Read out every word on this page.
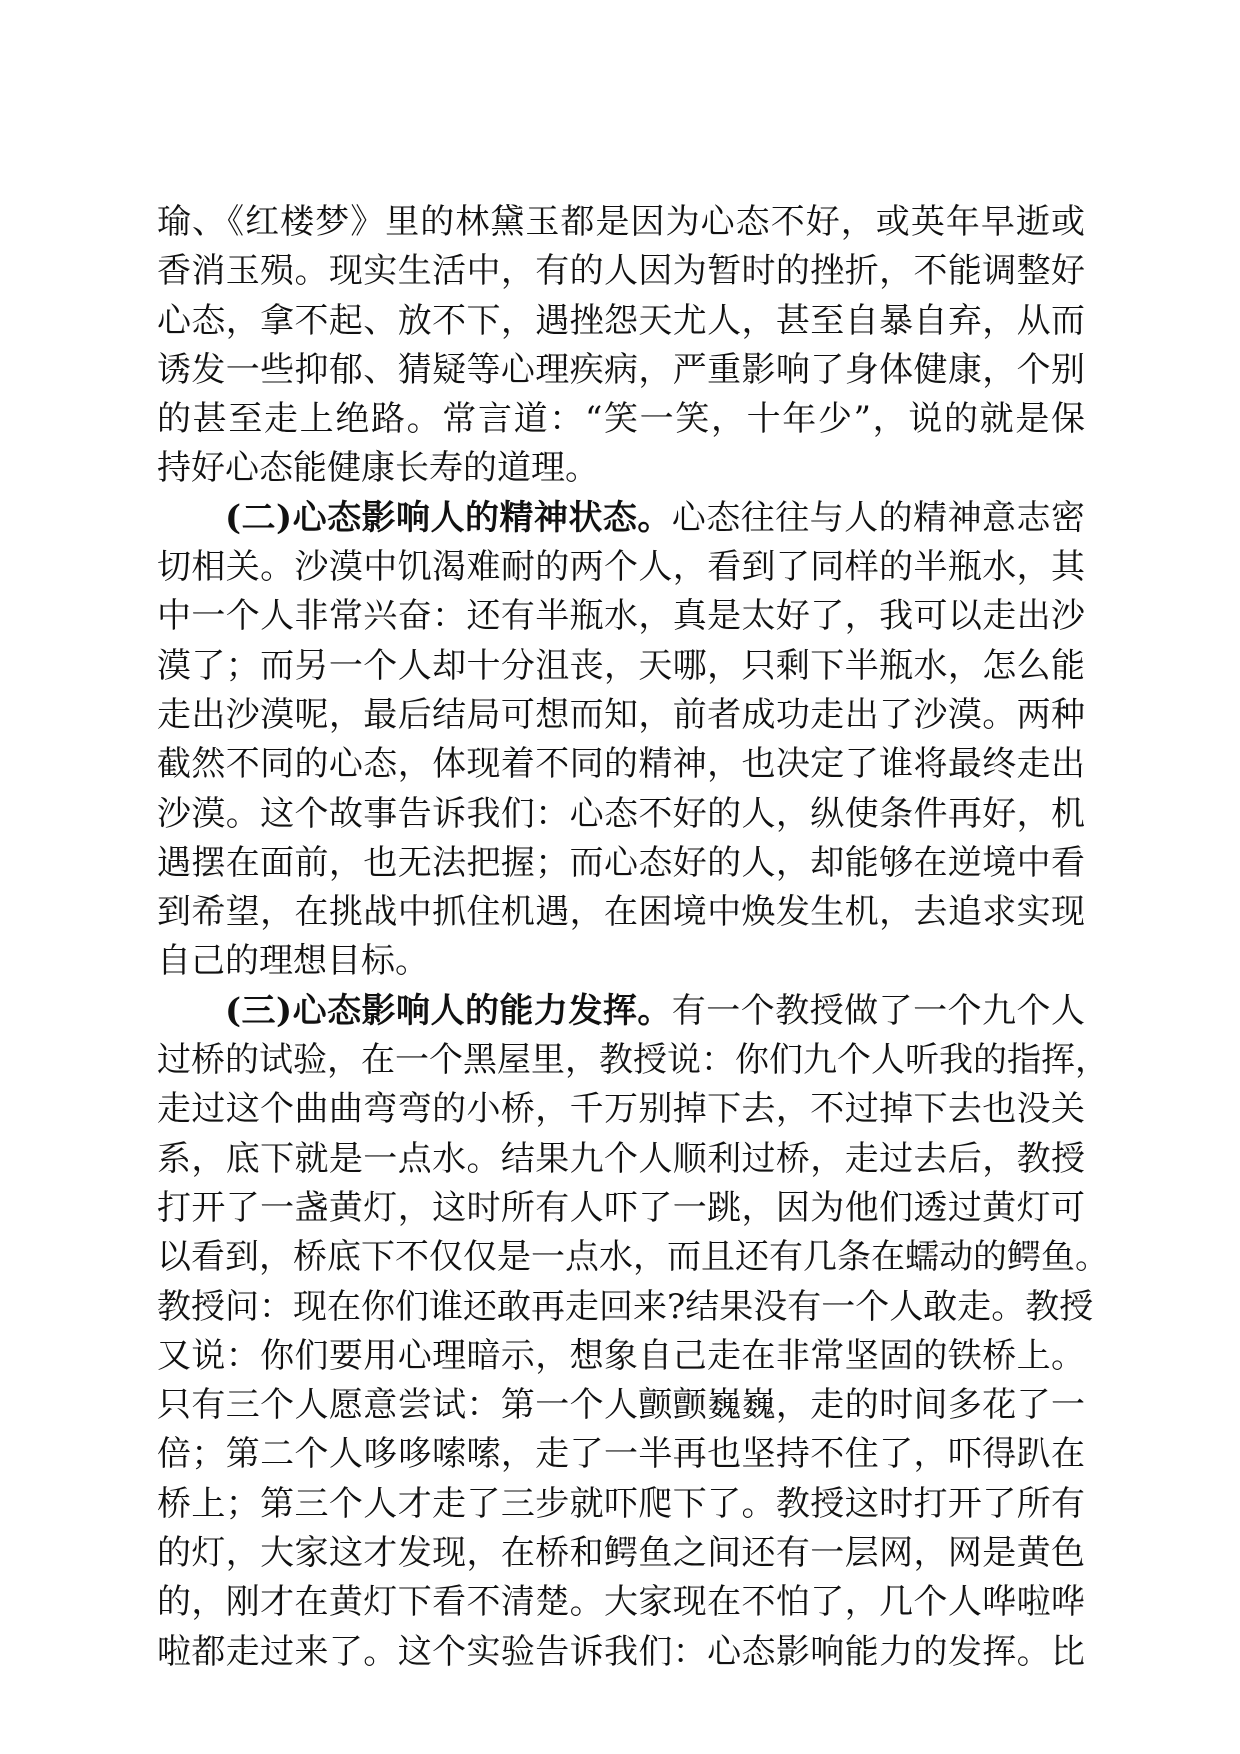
瑜、《红楼梦》里的林黛玉都是因为心态不好，或英年早逝或
香消玉殒。现实生活中，有的人因为暂时的挫折，不能调整好
心态，拿不起、放不下，遇挫怨天尤人，甚至自暴自弃，从而
诱发一些抑郁、猜疑等心理疾病，严重影响了身体健康，个别
的甚至走上绝路。常言道：“笑一笑，十年少”，说的就是保
持好心态能健康长寿的道理。
(二)心态影响人的精神状态。心态往往与人的精神意志密
切相关。沙漠中饥渴难耐的两个人，看到了同样的半瓶水，其
中一个人非常兴奋：还有半瓶水，真是太好了，我可以走出沙
漠了；而另一个人却十分沮丧，天哪，只剩下半瓶水，怎么能
走出沙漠呢，最后结局可想而知，前者成功走出了沙漠。两种
截然不同的心态，体现着不同的精神，也决定了谁将最终走出
沙漠。这个故事告诉我们：心态不好的人，纵使条件再好，机
遇摆在面前，也无法把握；而心态好的人，却能够在逆境中看
到希望，在挑战中抓住机遇，在困境中焕发生机，去追求实现
自己的理想目标。
(三)心态影响人的能力发挥。有一个教授做了一个九个人
过桥的试验，在一个黑屋里，教授说：你们九个人听我的指挥，
走过这个曲曲弯弯的小桥，千万别掉下去，不过掉下去也没关
系，底下就是一点水。结果九个人顺利过桥，走过去后，教授
打开了一盏黄灯，这时所有人吓了一跳，因为他们透过黄灯可
以看到，桥底下不仅仅是一点水，而且还有几条在蠕动的鳄鱼。
教授问：现在你们谁还敢再走回来?结果没有一个人敢走。教授
又说：你们要用心理暗示，想象自己走在非常坚固的铁桥上。
只有三个人愿意尝试：第一个人颤颤巍巍，走的时间多花了一
倍；第二个人哆哆嗦嗦，走了一半再也坚持不住了，吓得趴在
桥上；第三个人才走了三步就吓爬下了。教授这时打开了所有
的灯，大家这才发现，在桥和鳄鱼之间还有一层网，网是黄色
的，刚才在黄灯下看不清楚。大家现在不怕了，几个人哗啦哗
啦都走过来了。这个实验告诉我们：心态影响能力的发挥。比
